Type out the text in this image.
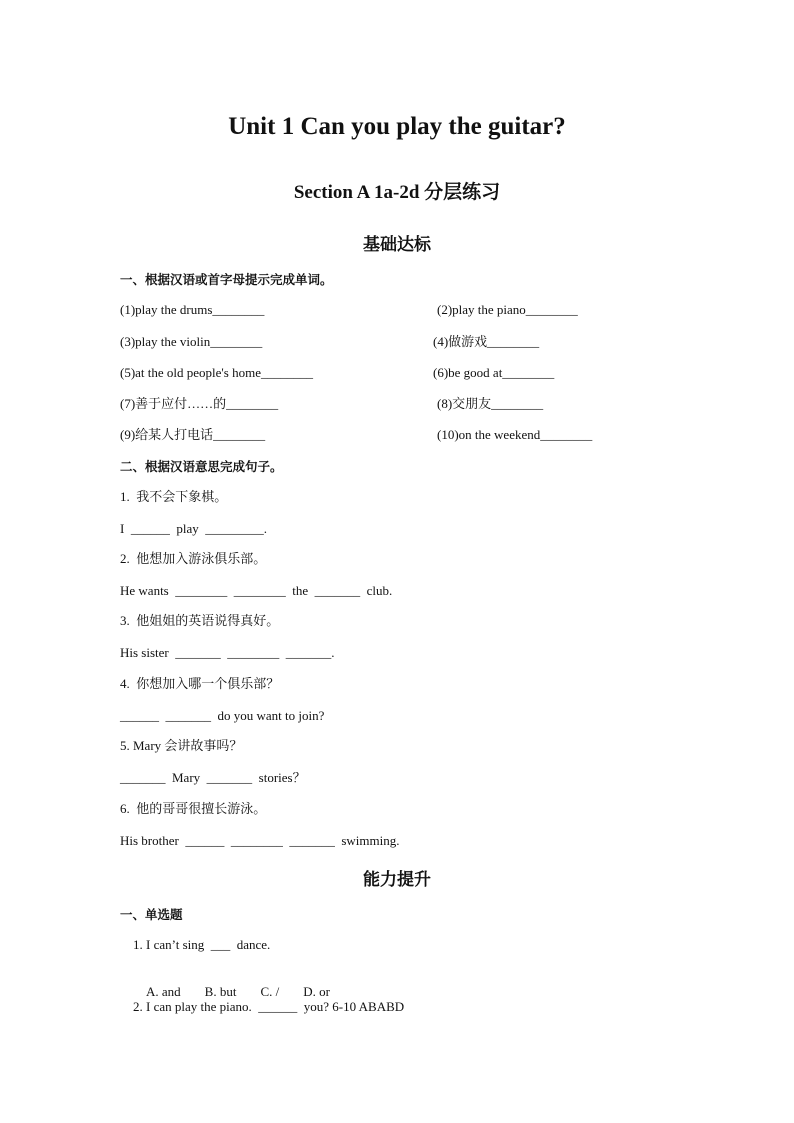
Unit 1 Can you play the guitar?
Section A 1a-2d 分层练习
基础达标
一、根据汉语或首字母提示完成单词。
(1)play the drums________	(2)play the piano________
(3)play the violin________	(4)做游戏________
(5)at the old people's home________	(6)be good at________
(7)善于应付……的________	(8)交朋友________
(9)给某人打电话________	(10)on the weekend________
二、根据汉语意思完成句子。
1.  我不会下象棋。
I  ______  play  _________.
2.  他想加入游泳俱乐部。
He wants  ________  ________  the  _______  club.
3.  他姐姐的英语说得真好。
His sister  _______  ________  _______.
4.  你想加入哪一个俱乐部？
______  _______  do you want to join?
5. Mary 会讲故事吗？
_______  Mary  _______  stories？
6.  他的哥哥很擅长游泳。
His brother  ______  ________  _______  swimming.
能力提升
一、单选题
1. I can’t sing  ___  dance.

A. and B. but C. / D. or

2. I can play the piano.  ______  you? 6-10 ABABD
